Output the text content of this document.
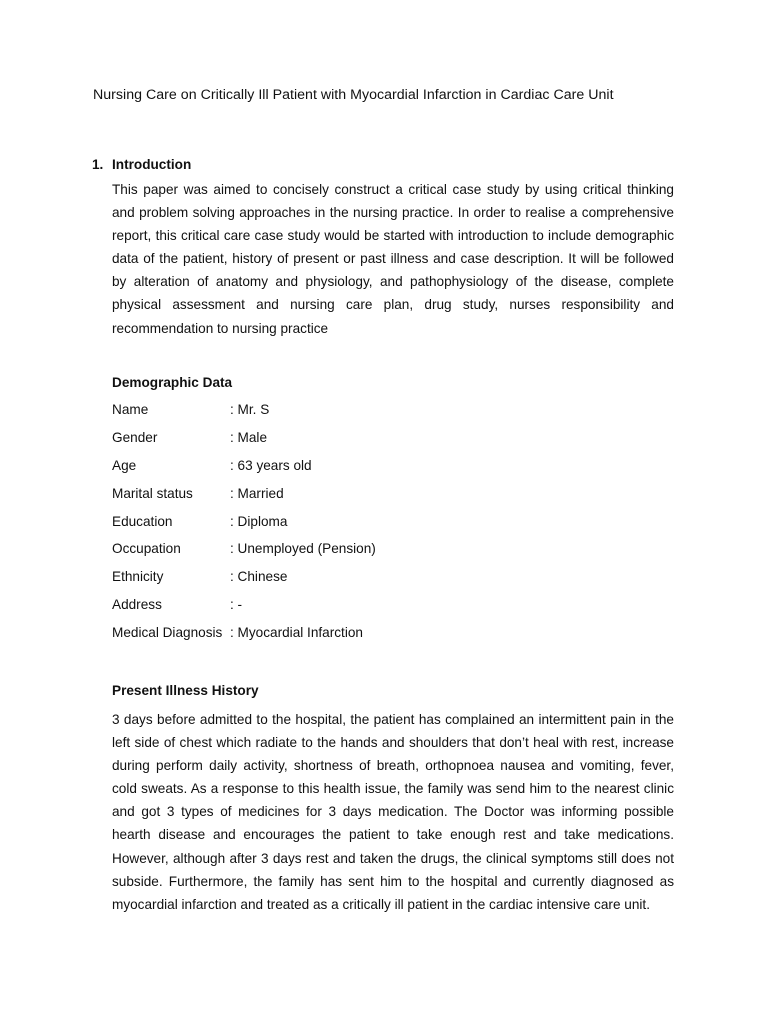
Nursing Care on Critically Ill Patient with Myocardial Infarction in Cardiac Care Unit
1. Introduction

This paper was aimed to concisely construct a critical case study by using critical thinking and problem solving approaches in the nursing practice. In order to realise a comprehensive report, this critical care case study would be started with introduction to include demographic data of the patient, history of present or past illness and case description. It will be followed by alteration of anatomy and physiology, and pathophysiology of the disease, complete physical assessment and nursing care plan, drug study, nurses responsibility and recommendation to nursing practice

Demographic Data
Name	: Mr. S
Gender	: Male
Age	: 63 years old
Marital status	: Married
Education	: Diploma
Occupation	: Unemployed (Pension)
Ethnicity	: Chinese
Address	: -
Medical Diagnosis	: Myocardial Infarction
Present Illness History

3 days before admitted to the hospital, the patient has complained an intermittent pain in the left side of chest which radiate to the hands and shoulders that don’t heal with rest, increase during perform daily activity, shortness of breath, orthopnoea nausea and vomiting, fever, cold sweats. As a response to this health issue, the family was send him to the nearest clinic and got 3 types of medicines for 3 days medication. The Doctor was informing possible hearth disease and encourages the patient to take enough rest and take medications. However, although after 3 days rest and taken the drugs, the clinical symptoms still does not subside. Furthermore, the family has sent him to the hospital and currently diagnosed as myocardial infarction and treated as a critically ill patient in the cardiac intensive care unit.
